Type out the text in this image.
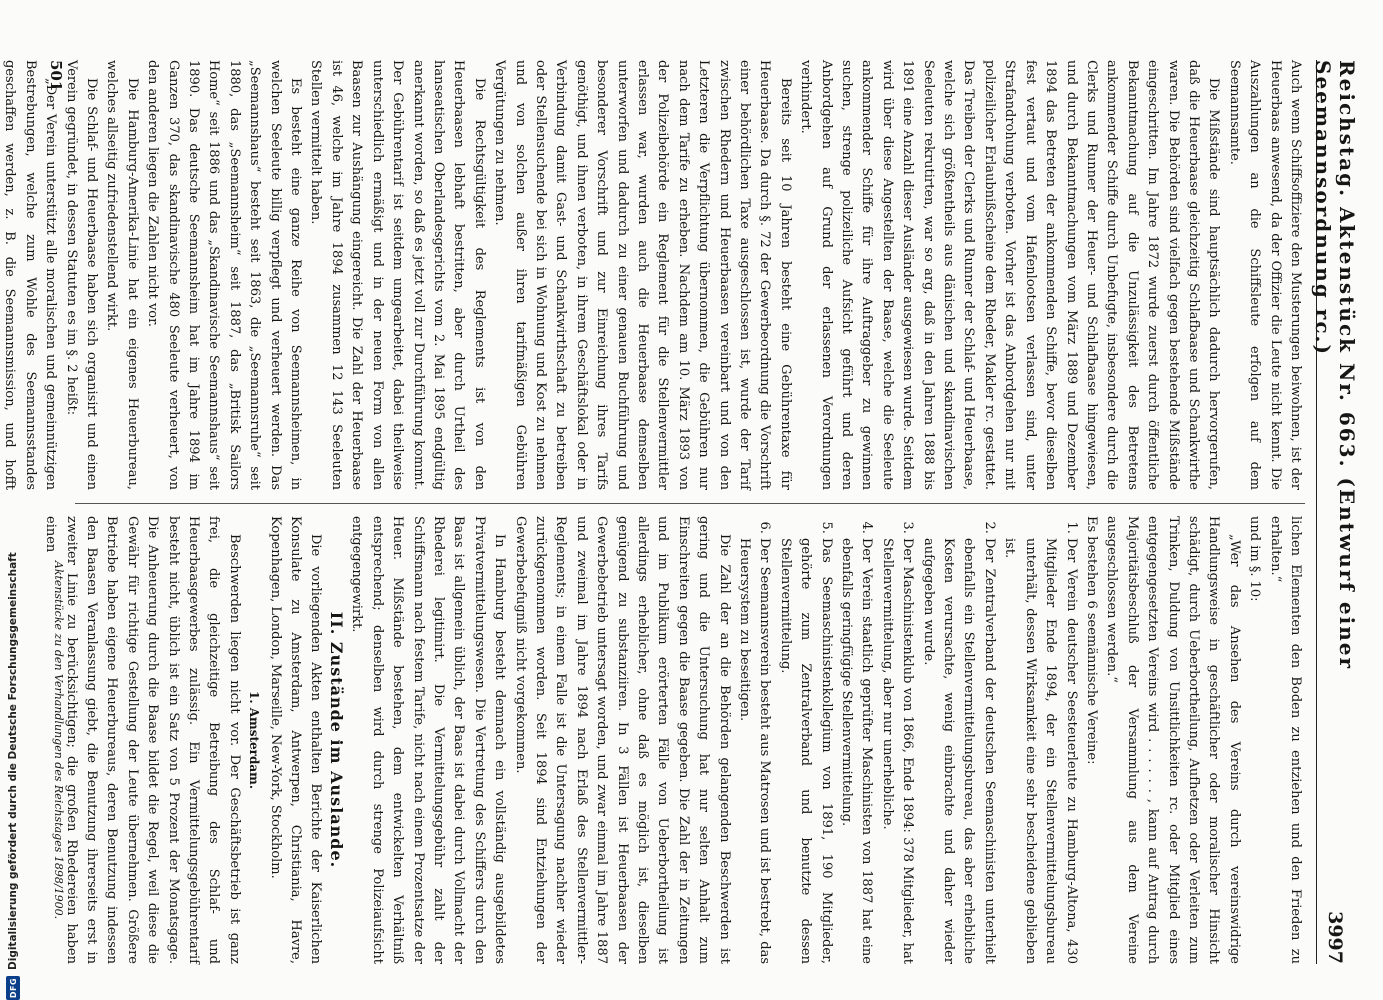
Reichstag. Aktenstück Nr. 663. (Entwurf einer Seemannsordnung rc.)
3997

Auch wenn Schiffsoffiziere den Musterungen beiwohnen, ist der Heuerbaas anwesend, da der Offizier die Leute nicht kennt. Die Auszahlungen an die Schiffsleute erfolgen auf dem Seemannsamte.

Die Mißstände sind hauptsächlich dadurch hervorgerufen, daß die Heuerbaase gleichzeitig Schlafbaase und Schankwirthe waren. Die Behörden sind vielfach gegen bestehende Mißstände eingeschritten. Im Jahre 1872 wurde zuerst durch öffentliche Bekanntmachung auf die Unzulässigkeit des Betretens ankommender Schiffe durch Unbefugte, insbesondere durch die Clerks und Runner der Heuer- und Schlafbaase hingewiesen, und durch Bekanntmachungen vom März 1889 und Dezember 1894 das Betreten der ankommenden Schiffe, bevor dieselben fest vertaut und vom Hafenlootsen verlassen sind, unter Strafandrohung verboten. Vorher ist das Anbordgehen nur mit polizeilicher Erlaubnißscheine dem Rheder, Makler rc. gestattet. Das Treiben der Clerks und Runner der Schlaf- und Heuerbaase, welche sich größtentheils aus dänischen und skandinavischen Seeleuten rekrutirten, war so arg, daß in den Jahren 1888 bis 1891 eine Anzahl dieser Ausländer ausgewiesen wurde. Seitdem wird über diese Angestellten der Baase, welche die Seeleute ankommender Schiffe für ihre Auftraggeber zu gewinnen suchen, strenge polizeiliche Aufsicht geführt und deren Anbordgehen auf Grund der erlassenen Verordnungen verhindert.

Bereits seit 10 Jahren besteht eine Gebührentaxe für Heuerbaase. Da durch §. 72 der Gewerbeordnung die Vorschrift einer behördlichen Taxe ausgeschlossen ist, wurde der Tarif zwischen Rhedern und Heuerbaasen vereinbart und von den Letzteren die Verpflichtung übernommen, die Gebühren nur nach dem Tarife zu erheben. Nachdem am 10. März 1893 von der Polizeibehörde ein Reglement für die Stellenvermittler erlassen war, wurden auch die Heuerbaase demselben unterworfen und dadurch zu einer genauen Buchführung und besonderer Vorschrift und zur Einreichung ihres Tarifs genöthigt, und ihnen verboten, in ihrem Geschäftslokal oder in Verbindung damit Gast- und Schankwirthschaft zu betreiben oder Stellensuchende bei sich in Wohnung und Kost zu nehmen und von solchen außer ihren tarifmäßigen Gebühren Vergütungen zu nehmen.

Die Rechtsgültigkeit des Reglements ist von den Heuerbaasen lebhaft bestritten, aber durch Urtheil des hanseatischen Oberlandesgerichts vom 2. Mai 1895 endgültig anerkannt worden, so daß es jetzt voll zur Durchführung kommt. Der Gebührentarif ist seitdem umgearbeitet, dabei theilweise unterschiedlich ermäßigt und in der neuen Form von allen Baasen zur Aushängung eingereicht. Die Zahl der Heuerbaase ist 46, welche im Jahre 1894 zusammen 12 143 Seeleuten Stellen vermittelt haben.

Es besteht eine ganze Reihe von Seemannsheimen, in welchen Seeleute billig verpflegt und verheuert werden. Das „Seemannshaus“ besteht seit 1863, die „Seemannsruhe“ seit 1880, das „Seemannsheim“ seit 1887, das „Britisk Sailors Home“ seit 1886 und das „Skandinavische Seemannshaus“ seit 1890. Das deutsche Seemannsheim hat im Jahre 1894 im Ganzen 370, das skandinavische 480 Seeleute verheuert, von den anderen liegen die Zahlen nicht vor.

Die Hamburg-Amerika-Linie hat ein eigenes Heuerbureau, welches allseitig zufriedenstellend wirkt.

Die Schlaf- und Heuerbaase haben sich organisirt und einen Verein gegründet, in dessen Statuten es im §. 2 heißt:

„Der Verein unterstützt alle moralischen und gemeinnützigen Bestrebungen, welche zum Wohle des Seemannsstandes geschaffen werden, z. B. die Seemannsmission, und hofft

lichen Elementen den Boden zu entziehen und den Frieden zu erhalten.“

und im §. 10:

„Wer das Ansehen des Vereins durch vereinswidrige Handlungsweise in geschäftlicher oder moralischer Hinsicht schädigt, durch Ueberbortheilung, Aufhetzen oder Verleiten zum Trinken, Duldung von Unsittlichkeiten rc. oder Mitglied eines entgegengesetzten Vereins wird . . . . . . , kann auf Antrag durch Majoritätsbeschluß der Versammlung aus dem Vereine ausgeschlossen werden.“

Es bestehen 6 seemännische Vereine:

1. Der Verein deutscher Seesteuerleute zu Hamburg-Altona, 430 Mitglieder Ende 1894, der ein Stellenvermittelungsbureau unterhält, dessen Wirksamkeit eine sehr bescheidene geblieben ist.
2. Der Zentralverband der deutschen Seemaschinisten unterhielt ebenfalls ein Stellenvermittelungsbureau, das aber erhebliche Kosten verursachte, wenig einbrachte und daher wieder aufgegeben wurde.
3. Der Maschinistenklub von 1866, Ende 1894: 378 Mitglieder, hat Stellenvermittelung, aber nur unerhebliche.
4. Der Verein staatlich geprüfter Maschinisten von 1887 hat eine ebenfalls geringfügige Stellenvermittelung.
5. Das Seemaschinistenkollegium von 1891, 190 Mitglieder, gehörte zum Zentralverband und benutzte dessen Stellenvermittelung.
6. Der Seemannsverein besteht aus Matrosen und ist bestrebt, das Heuersystem zu beseitigen.

Die Zahl der an die Behörden gelangenden Beschwerden ist gering und die Untersuchung hat nur selten Anhalt zum Einschreiten gegen die Baase gegeben. Die Zahl der in Zeitungen und im Publikum erörterten Fälle von Ueberbortheilung ist allerdings erheblicher, ohne daß es möglich ist, dieselben genügend zu substanziiren. In 3 Fällen ist Heuerbaasen der Gewerbebetrieb untersagt worden, und zwar einmal im Jahre 1887 und zweimal im Jahre 1894 nach Erlaß des Stellenvermittler-Reglements; in einem Falle ist die Untersagung nachher wieder zurückgenommen worden. Seit 1894 sind Entziehungen der Gewerbebefugniß nicht vorgekommen.

In Hamburg besteht demnach ein vollständig ausgebildetes Privatvermittelungswesen. Die Vertretung des Schiffers durch den Baas ist allgemein üblich, der Baas ist dabei durch Vollmacht der Rhederei legitimirt. Die Vermittelungsgebühr zahlt der Schiffsmann nach festem Tarife, nicht nach einem Prozentsatze der Heuer. Mißstände bestehen, dem entwickelten Verhältniß entsprechend; denselben wird durch strenge Polizeiaufsicht entgegengewirkt.

II. Zustände im Auslande.

Die vorliegenden Akten enthalten Berichte der Kaiserlichen Konsulate zu Amsterdam, Antwerpen, Christiania, Havre, Kopenhagen, London, Marseille, New-York, Stockholm.

1. Amsterdam.

Beschwerden liegen nicht vor. Der Geschäftsbetrieb ist ganz frei, die gleichzeitige Betreibung des Schlaf- und Heuerbaasgewerbes zulässig. Ein Vermittelungsgebührentarif besteht nicht, üblich ist ein Satz von 5 Prozent der Monatsgage. Die Anheuerung durch die Baase bildet die Regel, weil diese die Gewähr für richtige Gestellung der Leute übernehmen. Größere Betriebe haben eigene Heuerbureaus, deren Benutzung indessen den Baasen Veranlassung giebt, die Benutzung ihrerseits erst in zweiter Linie zu berücksichtigen; die großen Rhedereien haben einen

501
Aktenstücke zu den Verhandlungen des Reichstages 1898/1900.
DFG
Digitalisierung gefördert durch die Deutsche Forschungsgemeinschaft
